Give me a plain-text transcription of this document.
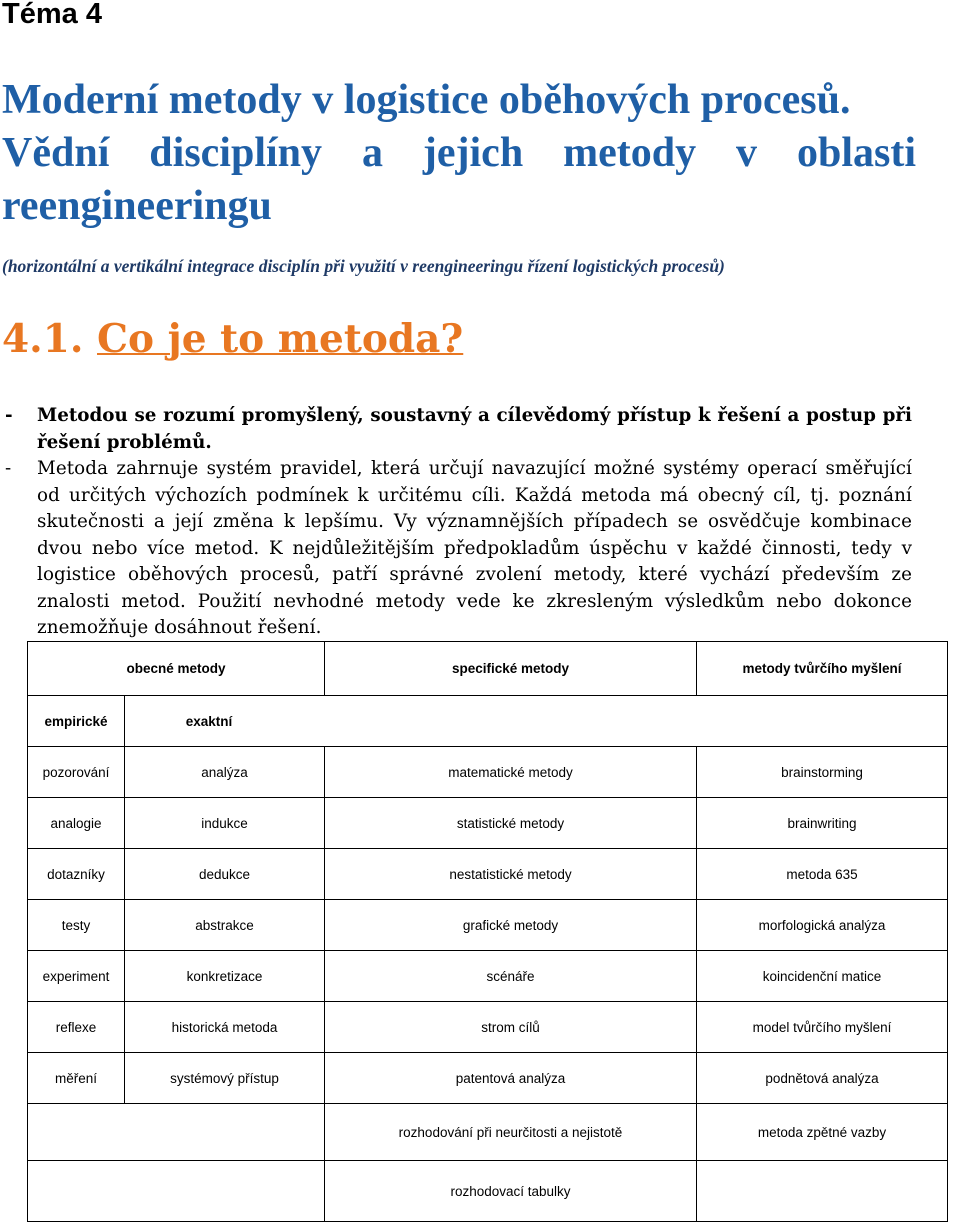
Téma 4
Moderní metody v logistice oběhových procesů.

Vědní disciplíny a jejich metody v oblasti
reengineeringu
(horizontální a vertikální integrace disciplín při využití v reengineeringu řízení logistických procesů)
4.1. Co je to metoda?
- Metodou se rozumí promyšlený, soustavný a cílevědomý přístup k řešení a postup při řešení problémů.
- Metoda zahrnuje systém pravidel, která určují navazující možné systémy operací směřující od určitých výchozích podmínek k určitému cíli. Každá metoda má obecný cíl, tj. poznání skutečnosti a její změna k lepšímu. Vy významnějších případech se osvědčuje kombinace dvou nebo více metod. K nejdůležitějším předpokladům úspěchu v každé činnosti, tedy v logistice oběhových procesů, patří správné zvolení metody, které vychází především ze znalosti metod. Použití nevhodné metody vede ke zkresleným výsledkům nebo dokonce znemožňuje dosáhnout řešení.
obecné metody		specifické metody	metody tvůrčího myšlení
empirické	exaktní		

pozorování	analýza	matematické metody	brainstorming
analogie	indukce	statistické metody	brainwriting
dotazníky	dedukce	nestatistické metody	metoda 635
testy	abstrakce	grafické metody	morfologická analýza
experiment	konkretizace	scénáře	koincidenční matice
reflexe	historická metoda	strom cílů	model tvůrčího myšlení
měření	systémový přístup	patentová analýza	podnětová analýza
		rozhodování při neurčitosti a nejistotě	metoda zpětné vazby
		rozhodovací tabulky	
